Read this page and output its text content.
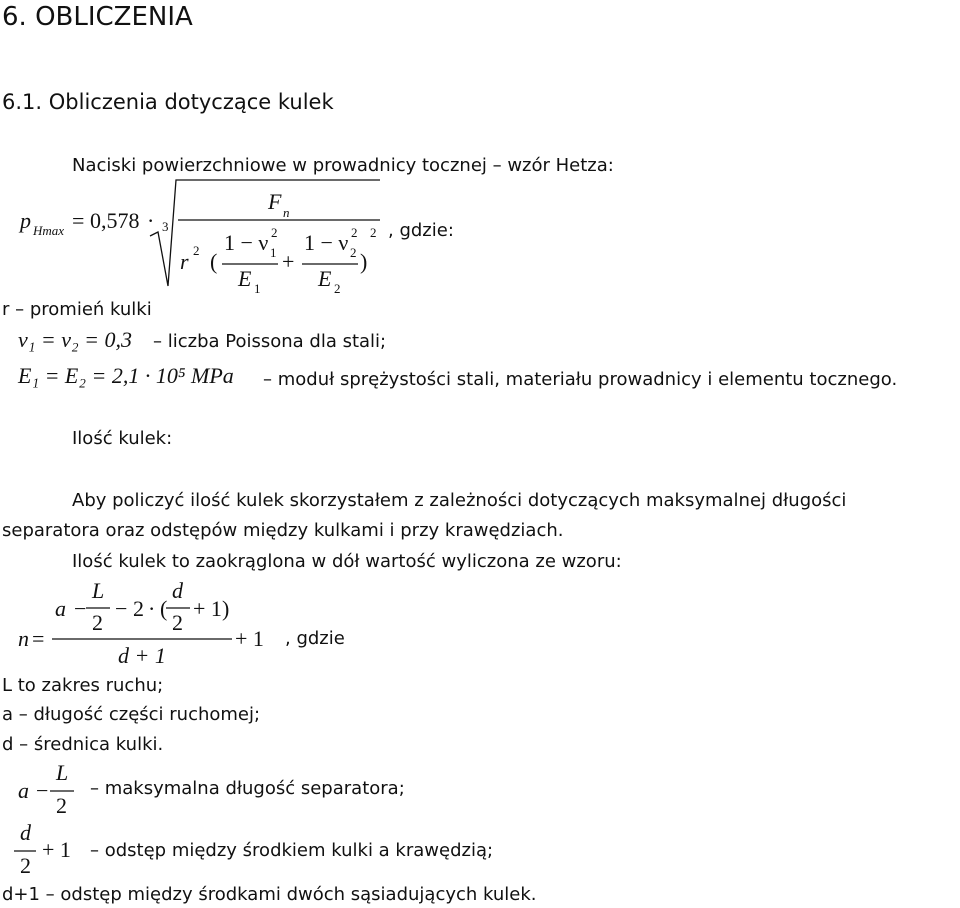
6. OBLICZENIA
6.1. Obliczenia dotyczące kulek
Naciski powierzchniowe w prowadnicy tocznej – wzór Hetza:
p Hmax = 0,578 · 3
F n
r 2 (
1 − ν 2
1 +
1 − ν 2
2 )
2
E 1	E 2
, gdzie:
r – promień kulki
ν₁ = ν₂ = 0,3 – liczba Poissona dla stali;
E₁ = E₂ = 2,1 · 10⁵ MPa – moduł sprężystości stali, materiału prowadnicy i elementu tocznego.
Ilość kulek:
Aby policzyć ilość kulek skorzystałem z zależności dotyczących maksymalnej długości
separatora oraz odstępów między kulkami i przy krawędziach.
Ilość kulek to zaokrąglona w dół wartość wyliczona ze wzoru:
n =
a −
L
2
− 2 · (
d
2
+ 1 )
d + 1
+ 1 , gdzie
L to zakres ruchu;
a – długość części ruchomej;
d – średnica kulki.
a −
L
2
– maksymalna długość separatora;
d
2
+ 1 – odstęp między środkiem kulki a krawędzią;
d+1 – odstęp między środkami dwóch sąsiadujących kulek.
